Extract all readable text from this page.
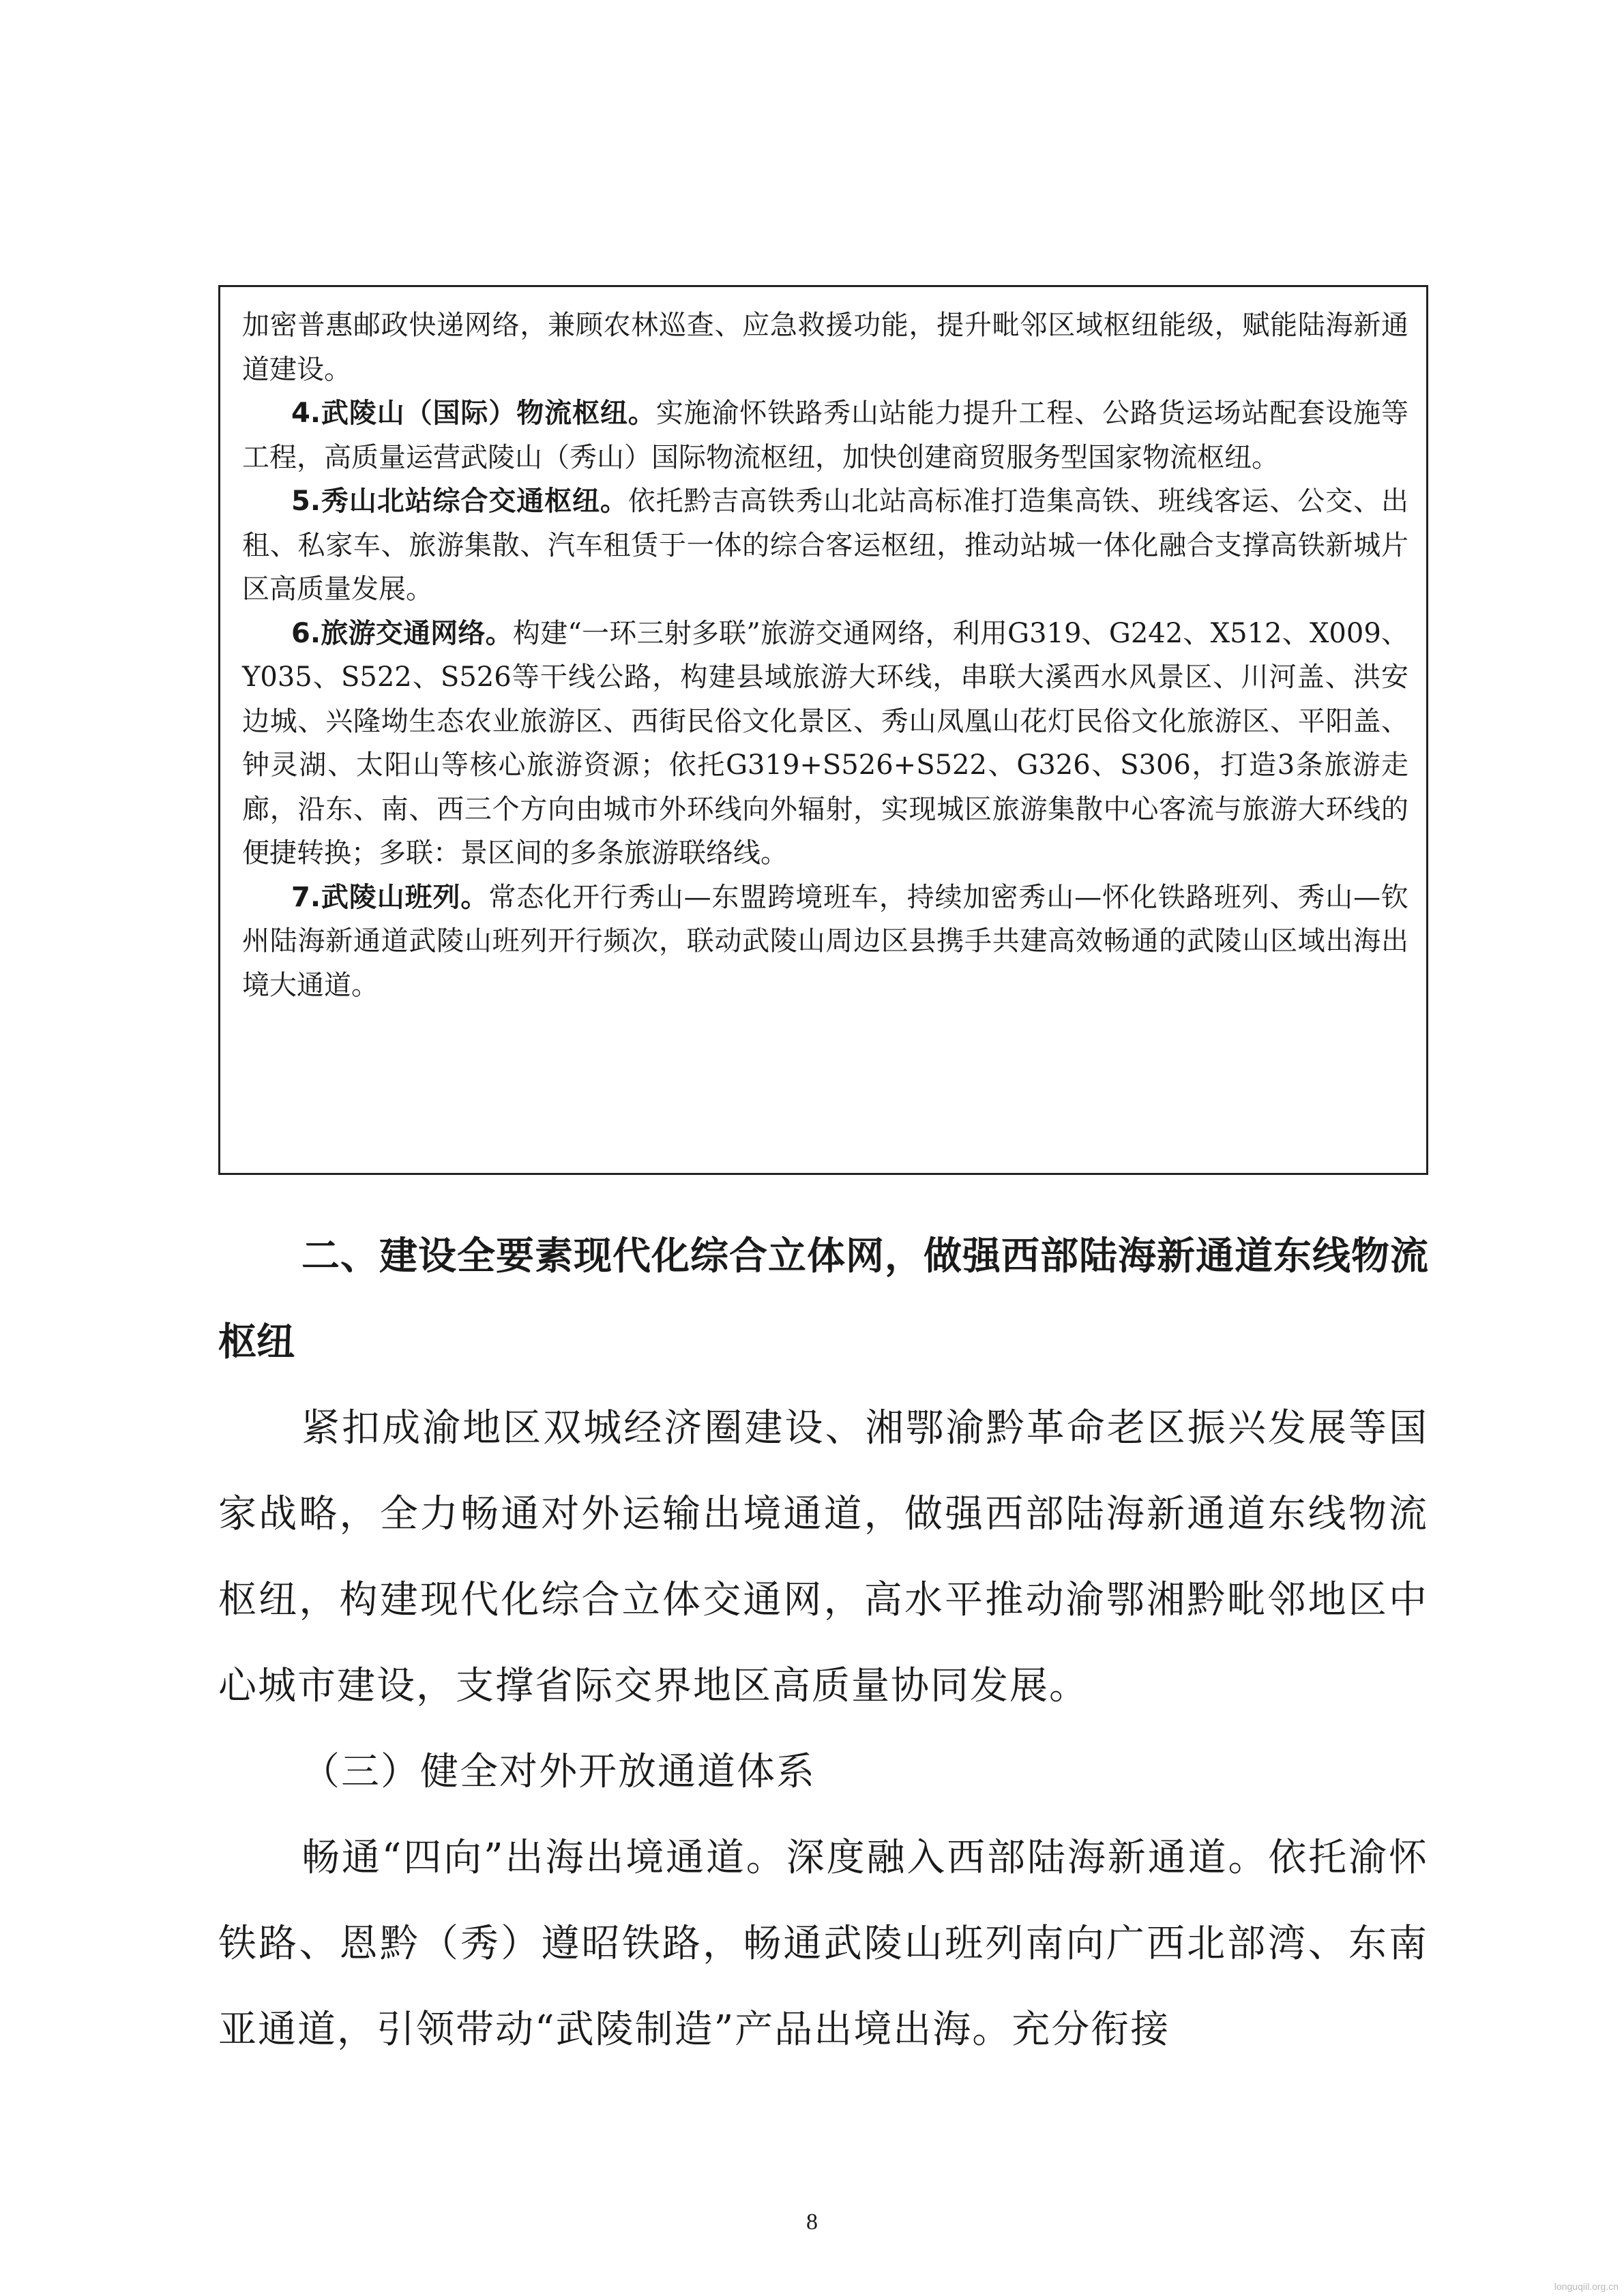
加密普惠邮政快递网络，兼顾农林巡查、应急救援功能，提升毗邻区域枢纽能级，赋能陆海新通道建设。

4.武陵山（国际）物流枢纽。实施渝怀铁路秀山站能力提升工程、公路货运场站配套设施等工程，高质量运营武陵山（秀山）国际物流枢纽，加快创建商贸服务型国家物流枢纽。

5.秀山北站综合交通枢纽。依托黔吉高铁秀山北站高标准打造集高铁、班线客运、公交、出租、私家车、旅游集散、汽车租赁于一体的综合客运枢纽，推动站城一体化融合支撑高铁新城片区高质量发展。

6.旅游交通网络。构建“一环三射多联”旅游交通网络，利用G319、G242、X512、X009、Y035、S522、S526等干线公路，构建县域旅游大环线，串联大溪西水风景区、川河盖、洪安边城、兴隆坳生态农业旅游区、西街民俗文化景区、秀山凤凰山花灯民俗文化旅游区、平阳盖、钟灵湖、太阳山等核心旅游资源；依托G319+S526+S522、G326、S306，打造3条旅游走廊，沿东、南、西三个方向由城市外环线向外辐射，实现城区旅游集散中心客流与旅游大环线的便捷转换；多联：景区间的多条旅游联络线。

7.武陵山班列。常态化开行秀山—东盟跨境班车，持续加密秀山—怀化铁路班列、秀山—钦州陆海新通道武陵山班列开行频次，联动武陵山周边区县携手共建高效畅通的武陵山区域出海出境大通道。

二、建设全要素现代化综合立体网，做强西部陆海新通道东线物流枢纽

紧扣成渝地区双城经济圈建设、湘鄂渝黔革命老区振兴发展等国家战略，全力畅通对外运输出境通道，做强西部陆海新通道东线物流枢纽，构建现代化综合立体交通网，高水平推动渝鄂湘黔毗邻地区中心城市建设，支撑省际交界地区高质量协同发展。

（三）健全对外开放通道体系

畅通“四向”出海出境通道。深度融入西部陆海新通道。依托渝怀铁路、恩黔（秀）遵昭铁路，畅通武陵山班列南向广西北部湾、东南亚通道，引领带动“武陵制造”产品出境出海。充分衔接

8

longuqiil.org.cn
